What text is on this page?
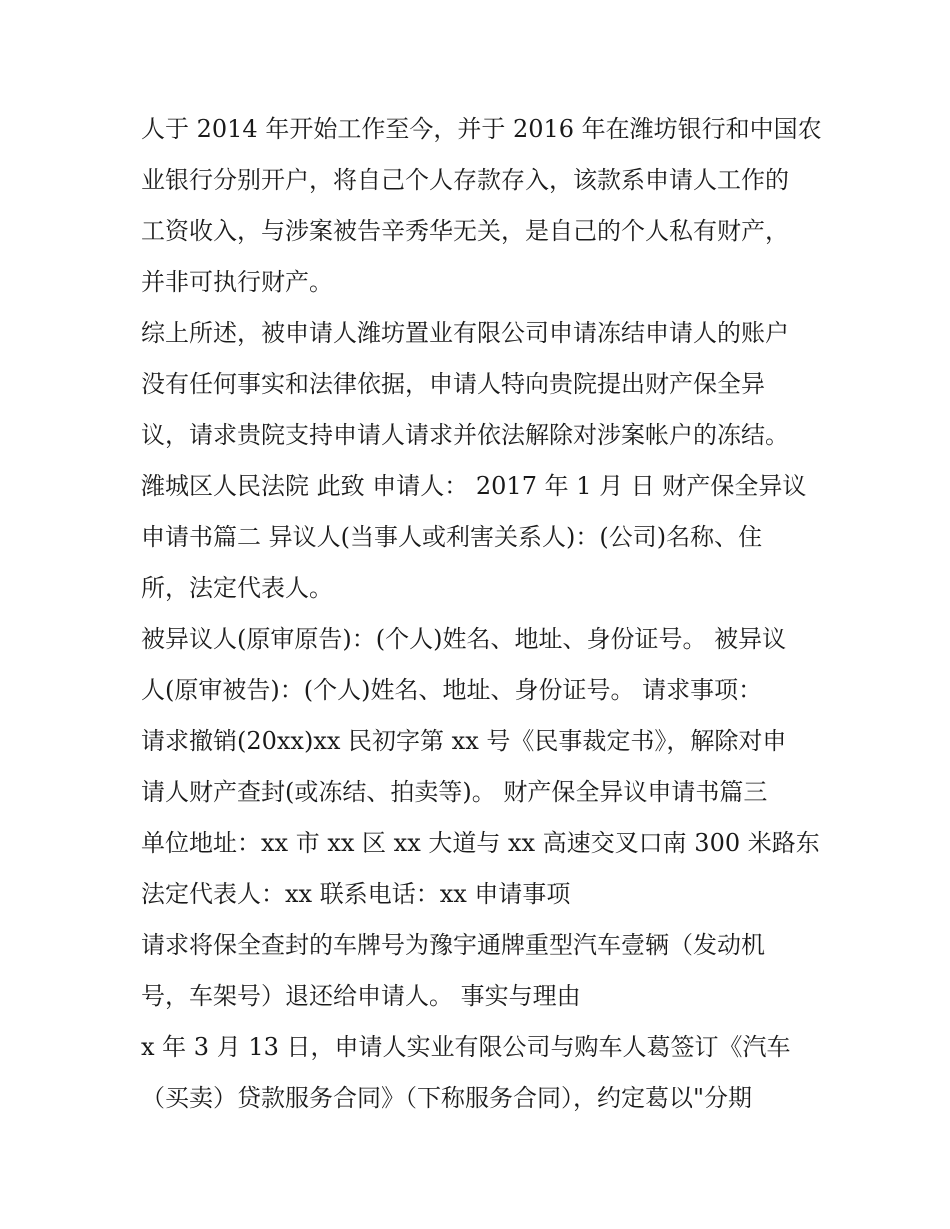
人于 2014 年开始工作至今，并于 2016 年在潍坊银行和中国农
业银行分别开户，将自己个人存款存入，该款系申请人工作的
工资收入，与涉案被告辛秀华无关，是自己的个人私有财产，
并非可执行财产。
综上所述，被申请人潍坊置业有限公司申请冻结申请人的账户
没有任何事实和法律依据，申请人特向贵院提出财产保全异
议，请求贵院支持申请人请求并依法解除对涉案帐户的冻结。
潍城区人民法院 此致 申请人： 2017 年 1 月 日 财产保全异议
申请书篇二 异议人(当事人或利害关系人)：(公司)名称、住
所，法定代表人。
被异议人(原审原告)：(个人)姓名、地址、身份证号。 被异议
人(原审被告)：(个人)姓名、地址、身份证号。 请求事项：
请求撤销(20xx)xx 民初字第 xx 号《民事裁定书》，解除对申
请人财产查封(或冻结、拍卖等)。 财产保全异议申请书篇三
单位地址：xx 市 xx 区 xx 大道与 xx 高速交叉口南 300 米路东
法定代表人：xx 联系电话：xx 申请事项
请求将保全查封的车牌号为豫宇通牌重型汽车壹辆（发动机
号，车架号）退还给申请人。 事实与理由
x 年 3 月 13 日，申请人实业有限公司与购车人葛签订《汽车
（买卖）贷款服务合同》（下称服务合同），约定葛以"分期
